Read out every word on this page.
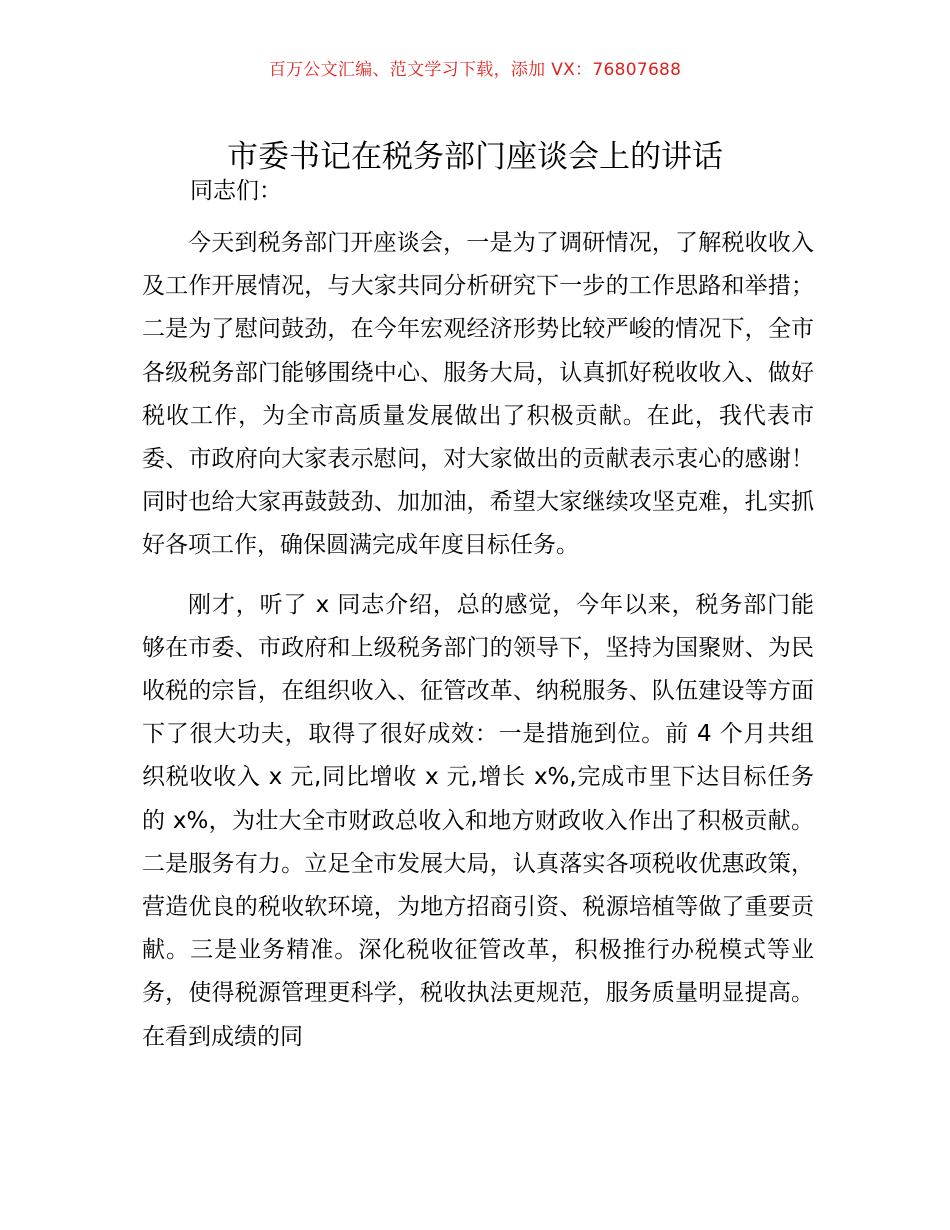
百万公文汇编、范文学习下载，添加 VX：76807688
市委书记在税务部门座谈会上的讲话
同志们：

今天到税务部门开座谈会，一是为了调研情况，了解税收收入及工作开展情况，与大家共同分析研究下一步的工作思路和举措；二是为了慰问鼓劲，在今年宏观经济形势比较严峻的情况下，全市各级税务部门能够围绕中心、服务大局，认真抓好税收收入、做好税收工作，为全市高质量发展做出了积极贡献。在此，我代表市委、市政府向大家表示慰问，对大家做出的贡献表示衷心的感谢！同时也给大家再鼓鼓劲、加加油，希望大家继续攻坚克难，扎实抓好各项工作，确保圆满完成年度目标任务。

刚才，听了 x 同志介绍，总的感觉，今年以来，税务部门能够在市委、市政府和上级税务部门的领导下，坚持为国聚财、为民收税的宗旨，在组织收入、征管改革、纳税服务、队伍建设等方面下了很大功夫，取得了很好成效：一是措施到位。前 4 个月共组织税收收入 x 元,同比增收 x 元,增长 x%,完成市里下达目标任务的 x%，为壮大全市财政总收入和地方财政收入作出了积极贡献。二是服务有力。立足全市发展大局，认真落实各项税收优惠政策，营造优良的税收软环境，为地方招商引资、税源培植等做了重要贡献。三是业务精准。深化税收征管改革，积极推行办税模式等业务，使得税源管理更科学，税收执法更规范，服务质量明显提高。在看到成绩的同
